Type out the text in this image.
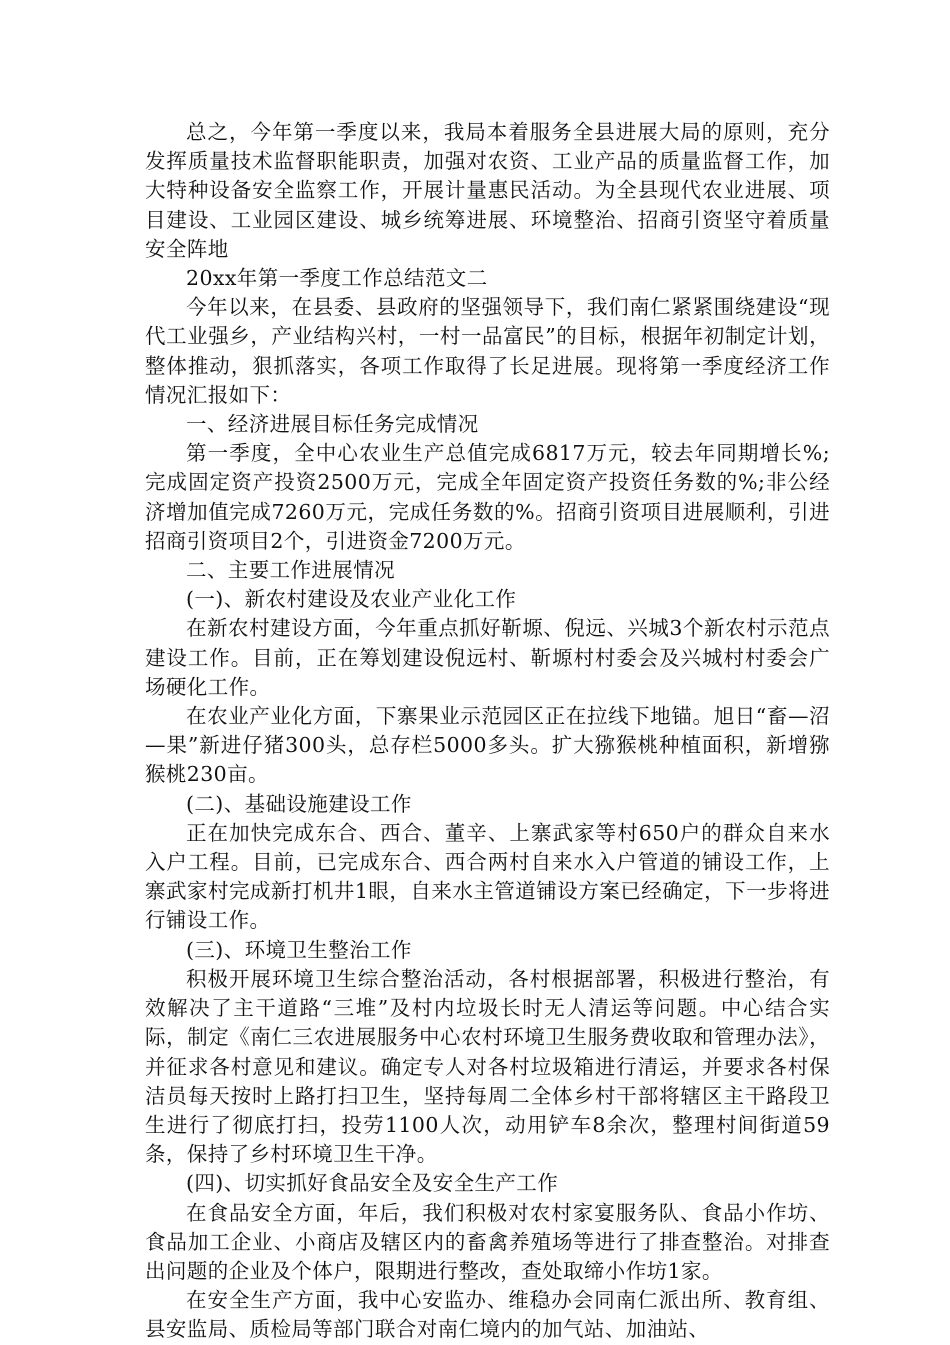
总之，今年第一季度以来，我局本着服务全县进展大局的原则，充分发挥质量技术监督职能职责，加强对农资、工业产品的质量监督工作，加大特种设备安全监察工作，开展计量惠民活动。为全县现代农业进展、项目建设、工业园区建设、城乡统筹进展、环境整治、招商引资坚守着质量安全阵地

20xx年第一季度工作总结范文二

今年以来，在县委、县政府的坚强领导下，我们南仁紧紧围绕建设“现代工业强乡，产业结构兴村，一村一品富民”的目标，根据年初制定计划，整体推动，狠抓落实，各项工作取得了长足进展。现将第一季度经济工作情况汇报如下：

一、经济进展目标任务完成情况

第一季度，全中心农业生产总值完成6817万元，较去年同期增长%;完成固定资产投资2500万元，完成全年固定资产投资任务数的%;非公经济增加值完成7260万元，完成任务数的%。招商引资项目进展顺利，引进招商引资项目2个，引进资金7200万元。

二、主要工作进展情况

(一)、新农村建设及农业产业化工作

在新农村建设方面，今年重点抓好靳塬、倪远、兴城3个新农村示范点建设工作。目前，正在筹划建设倪远村、靳塬村村委会及兴城村村委会广场硬化工作。

在农业产业化方面，下寨果业示范园区正在拉线下地锚。旭日“畜—沼—果”新进仔猪300头，总存栏5000多头。扩大猕猴桃种植面积，新增猕猴桃230亩。

(二)、基础设施建设工作

正在加快完成东合、西合、董辛、上寨武家等村650户的群众自来水入户工程。目前，已完成东合、西合两村自来水入户管道的铺设工作，上寨武家村完成新打机井1眼，自来水主管道铺设方案已经确定，下一步将进行铺设工作。

(三)、环境卫生整治工作

积极开展环境卫生综合整治活动，各村根据部署，积极进行整治，有效解决了主干道路“三堆”及村内垃圾长时无人清运等问题。中心结合实际，制定《南仁三农进展服务中心农村环境卫生服务费收取和管理办法》，并征求各村意见和建议。确定专人对各村垃圾箱进行清运，并要求各村保洁员每天按时上路打扫卫生，坚持每周二全体乡村干部将辖区主干路段卫生进行了彻底打扫，投劳1100人次，动用铲车8余次，整理村间街道59条，保持了乡村环境卫生干净。

(四)、切实抓好食品安全及安全生产工作

在食品安全方面，年后，我们积极对农村家宴服务队、食品小作坊、食品加工企业、小商店及辖区内的畜禽养殖场等进行了排查整治。对排查出问题的企业及个体户，限期进行整改，查处取缔小作坊1家。

在安全生产方面，我中心安监办、维稳办会同南仁派出所、教育组、县安监局、质检局等部门联合对南仁境内的加气站、加油站、
